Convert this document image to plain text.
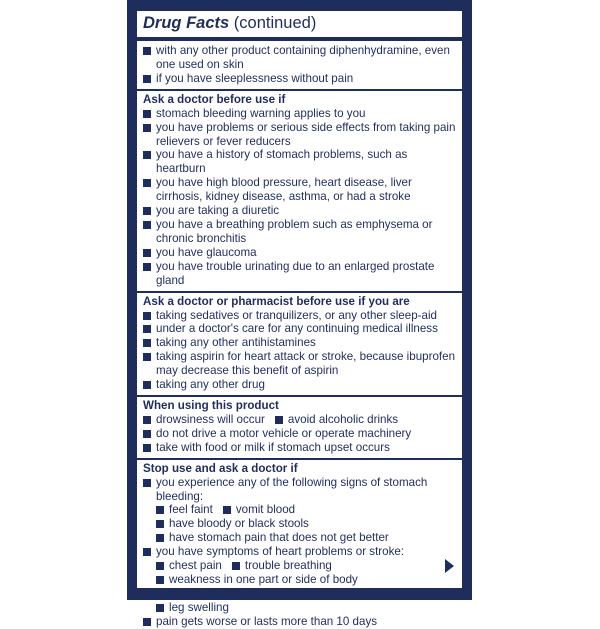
Drug Facts (continued)
with any other product containing diphenhydramine, even one used on skin
if you have sleeplessness without pain
Ask a doctor before use if
stomach bleeding warning applies to you
you have problems or serious side effects from taking pain relievers or fever reducers
you have a history of stomach problems, such as heartburn
you have high blood pressure, heart disease, liver cirrhosis, kidney disease, asthma, or had a stroke
you are taking a diuretic
you have a breathing problem such as emphysema or chronic bronchitis
you have glaucoma
you have trouble urinating due to an enlarged prostate gland
Ask a doctor or pharmacist before use if you are
taking sedatives or tranquilizers, or any other sleep-aid
under a doctor's care for any continuing medical illness
taking any other antihistamines
taking aspirin for heart attack or stroke, because ibuprofen may decrease this benefit of aspirin
taking any other drug
When using this product
drowsiness will occur avoid alcoholic drinks
do not drive a motor vehicle or operate machinery
take with food or milk if stomach upset occurs
Stop use and ask a doctor if
you experience any of the following signs of stomach bleeding:
feel faint vomit blood
have bloody or black stools
have stomach pain that does not get better
you have symptoms of heart problems or stroke:
chest pain trouble breathing
weakness in one part or side of body
slurred speech
leg swelling
pain gets worse or lasts more than 10 days
